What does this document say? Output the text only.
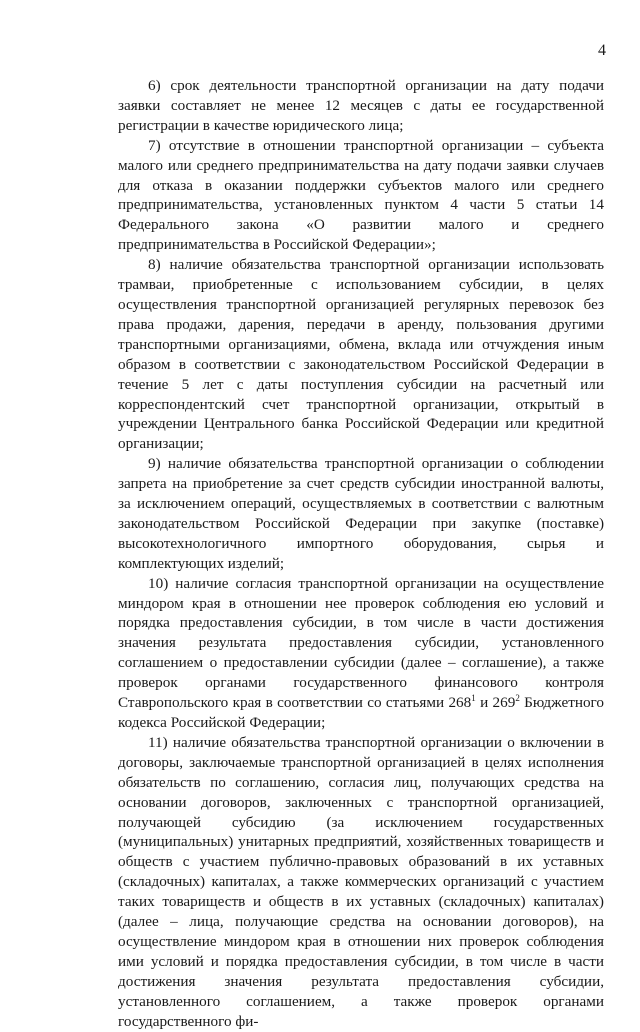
4

6) срок деятельности транспортной организации на дату подачи заявки составляет не менее 12 месяцев с даты ее государственной регистрации в качестве юридического лица;

7) отсутствие в отношении транспортной организации – субъекта малого или среднего предпринимательства на дату подачи заявки случаев для отказа в оказании поддержки субъектов малого или среднего предпринимательства, установленных пунктом 4 части 5 статьи 14 Федерального закона «О развитии малого и среднего предпринимательства в Российской Федерации»;

8) наличие обязательства транспортной организации использовать трамваи, приобретенные с использованием субсидии, в целях осуществления транспортной организацией регулярных перевозок без права продажи, дарения, передачи в аренду, пользования другими транспортными организациями, обмена, вклада или отчуждения иным образом в соответствии с законодательством Российской Федерации в течение 5 лет с даты поступления субсидии на расчетный или корреспондентский счет транспортной организации, открытый в учреждении Центрального банка Российской Федерации или кредитной организации;

9) наличие обязательства транспортной организации о соблюдении запрета на приобретение за счет средств субсидии иностранной валюты, за исключением операций, осуществляемых в соответствии с валютным законодательством Российской Федерации при закупке (поставке) высокотехнологичного импортного оборудования, сырья и комплектующих изделий;

10) наличие согласия транспортной организации на осуществление миндором края в отношении нее проверок соблюдения ею условий и порядка предоставления субсидии, в том числе в части достижения значения результата предоставления субсидии, установленного соглашением о предоставлении субсидии (далее – соглашение), а также проверок органами государственного финансового контроля Ставропольского края в соответствии со статьями $268^1$ и $269^2$ Бюджетного кодекса Российской Федерации;

11) наличие обязательства транспортной организации о включении в договоры, заключаемые транспортной организацией в целях исполнения обязательств по соглашению, согласия лиц, получающих средства на основании договоров, заключенных с транспортной организацией, получающей субсидию (за исключением государственных (муниципальных) унитарных предприятий, хозяйственных товариществ и обществ с участием публично-правовых образований в их уставных (складочных) капиталах, а также коммерческих организаций с участием таких товариществ и обществ в их уставных (складочных) капиталах) (далее – лица, получающие средства на основании договоров), на осуществление миндором края в отношении них проверок соблюдения ими условий и порядка предоставления субсидии, в том числе в части достижения значения результата предоставления субсидии, установленного соглашением, а также проверок органами государственного фи-
